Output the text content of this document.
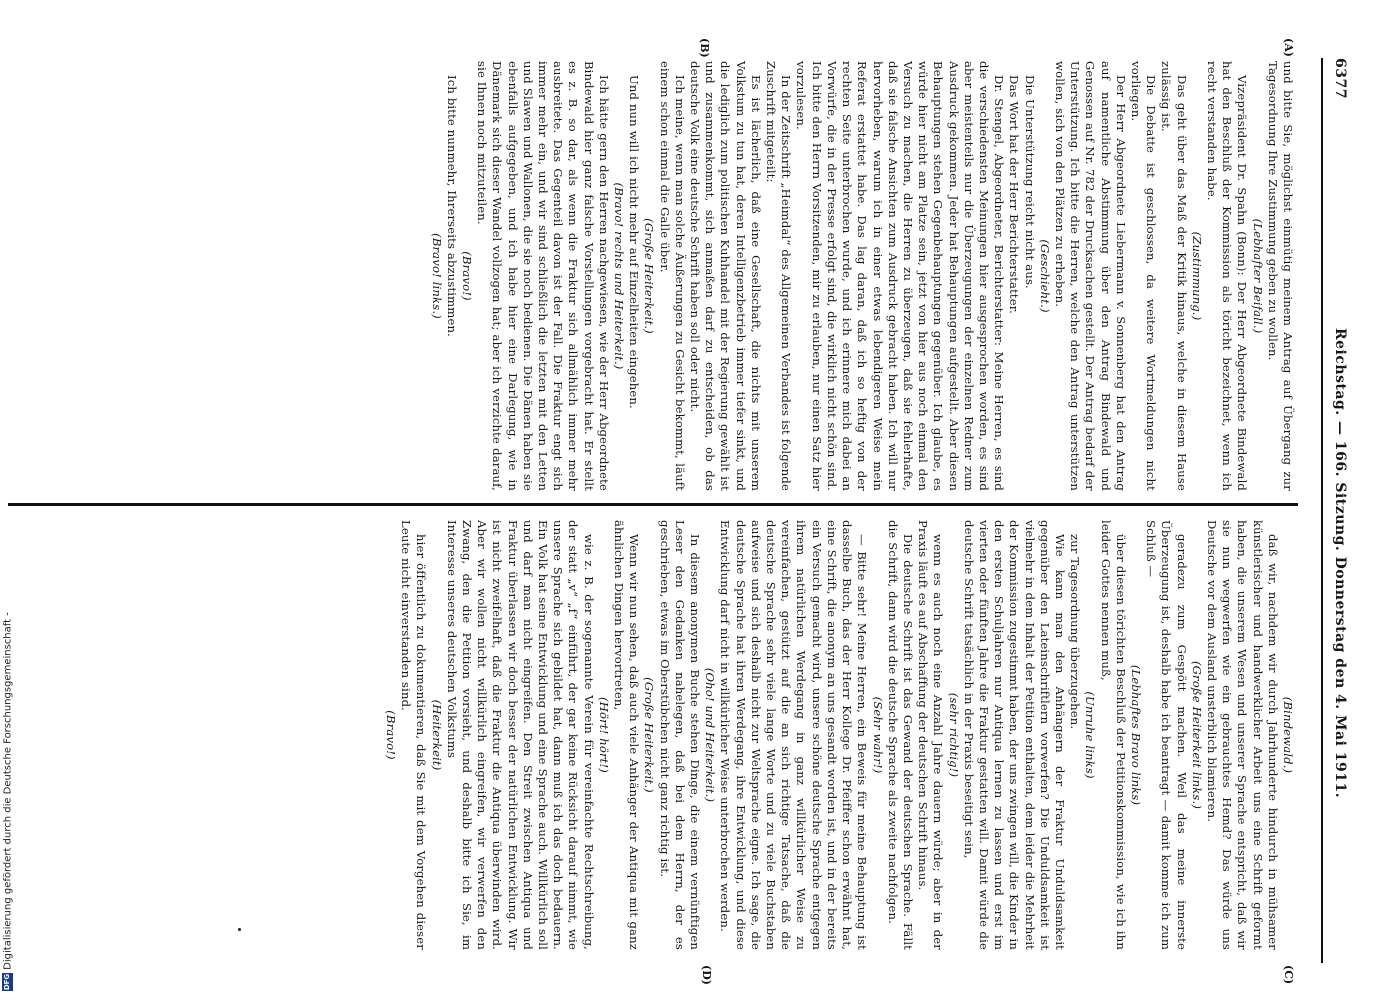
6377
Reichstag. — 166. Sitzung. Donnerstag den 4. Mai 1911.
(C)
(D)
(A)
(B)

(Bindewald.)

daß wir, nachdem wir durch Jahrhunderte hindurch in mühsamer künstlerischer und handwerklicher Arbeit uns eine Schrift geformt haben, die unserem Wesen und unserer Sprache entspricht, daß wir sie nun wegwerfen wie ein gebrauchtes Hemd? Das würde uns Deutsche vor dem Ausland unsterblich blamieren.

(Große Heiterkeit links.)

geradezu zum Gespött machen. Weil das meine innerste Überzeugung ist, deshalb habe ich beantragt — damit komme ich zum Schluß —

(Lebhaftes Bravo links)

über diesen törichten Beschluß der Petitionskommission, wie ich ihn leider Gottes nennen muß,

(Unruhe links)

zur Tagesordnung überzugehen.

Wie kann man den Anhängern der Fraktur Unduldsamkeit gegenüber den Lateinschriftlern vorwerfen? Die Unduldsamkeit ist vielmehr in dem Inhalt der Petition enthalten, dem leider die Mehrheit der Kommission zugestimmt haben, der uns zwingen will, die Kinder in den ersten Schuljahren nur Antiqua lernen zu lassen und erst im vierten oder fünften Jahre die Fraktur gestatten will. Damit würde die deutsche Schrift tatsächlich in der Praxis beseitigt sein,

(sehr richtig!)

wenn es auch noch eine Anzahl Jahre dauern würde; aber in der Praxis läuft es auf Abschaffung der deutschen Schrift hinaus.

Die deutsche Schrift ist das Gewand der deutschen Sprache. Fällt die Schrift, dann wird die deutsche Sprache als zweite nachfolgen.

(Sehr wahr!)

— Bitte sehr! Meine Herren, ein Beweis für meine Behauptung ist dasselbe Buch, das der Herr Kollege Dr. Pfeiffer schon erwähnt hat, eine Schrift, die anonym an uns gesandt worden ist, und in der bereits ein Versuch gemacht wird, unsere schöne deutsche Sprache entgegen ihrem natürlichen Werdegang in ganz willkürlicher Weise zu vereinfachen, gestützt auf die an sich richtige Tatsache, daß die deutsche Sprache sehr viele lange Worte und zu viele Buchstaben aufweise und sich deshalb nicht zur Weltsprache eigne. Ich sage, die deutsche Sprache hat ihren Werdegang, ihre Entwicklung, und diese Entwicklung darf nicht in willkürlicher Weise unterbrochen werden.

(Oho! und Heiterkeit.)

In diesem anonymen Buche stehen Dinge, die einem vernünftigen Leser den Gedanken nahelegen, daß bei dem Herrn, der es geschrieben, etwas im Oberstübchen nicht ganz richtig ist.

(Große Heiterkeit.)

Wenn wir nun sehen, daß auch viele Anhänger der Antiqua mit ganz ähnlichen Dingen hervortreten,

(Hört! hört!)

wie z. B. der sogenannte Verein für vereinfachte Rechtschreibung, der statt „v“ „f“ einführt, der gar keine Rücksicht darauf nimmt, wie unsere Sprache sich gebildet hat, dann muß ich das doch bedauern. Ein Volk hat seine Entwicklung und eine Sprache auch. Willkürlich soll und darf man nicht eingreifen. Den Streit zwischen Antiqua und Fraktur überlassen wir doch besser der natürlichen Entwicklung. Wir ist nicht zweifelhaft, daß die Fraktur die Antiqua überwinden wird. Aber wir wollen nicht willkürlich eingreifen, wir verwerfen den Zwang, den die Petition vorsieht, und deshalb bitte ich Sie, im Interesse unseres deutschen Volkstums

(Heiterkeit)

hier öffentlich zu dokumentieren, daß Sie mit dem Vorgehen dieser Leute nicht einverstanden sind.

(Bravo!)

und bitte Sie, möglichst einmütig meinem Antrag auf Übergang zur Tagesordnung Ihre Zustimmung geben zu wollen.

(Lebhafter Beifall.)

Vizepräsident Dr. Spahn (Bonn): Der Herr Abgeordnete Bindewald hat den Beschluß der Kommission als töricht bezeichnet, wenn ich recht verstanden habe.

(Zustimmung.)

Das geht über das Maß der Kritik hinaus, welche in diesem Hause zulässig ist.

Die Debatte ist geschlossen, da weitere Wortmeldungen nicht vorliegen.

Der Herr Abgeordnete Liebermann v. Sonnenberg hat den Antrag auf namentliche Abstimmung über den Antrag Bindewald und Genossen auf Nr. 782 der Drucksachen gestellt. Der Antrag bedarf der Unterstützung. Ich bitte die Herren, welche den Antrag unterstützen wollen, sich von den Plätzen zu erheben.

(Geschieht.)

Die Unterstützung reicht nicht aus.

Das Wort hat der Herr Berichterstatter.

Dr. Stengel, Abgeordneter, Berichterstatter: Meine Herren, es sind die verschiedensten Meinungen hier ausgesprochen worden, es sind aber meistenteils nur die Überzeugungen der einzelnen Redner zum Ausdruck gekommen. Jeder hat Behauptungen aufgestellt. Aber diesen Behauptungen stehen Gegenbehauptungen gegenüber. Ich glaube, es würde hier nicht am Platze sein, jetzt von hier aus noch einmal den Versuch zu machen, die Herren zu überzeugen, daß sie fehlerhafte, daß sie falsche Ansichten zum Ausdruck gebracht haben. Ich will nur hervorheben, warum ich in einer etwas lebendigeren Weise mein Referat erstattet habe. Das lag daran, daß ich so heftig von der rechten Seite unterbrochen wurde, und ich erinnere mich dabei an Vorwürfe, die in der Presse erfolgt sind, die wirklich nicht schön sind. Ich bitte den Herrn Vorsitzenden, mir zu erlauben, nur einen Satz hier vorzulesen.

In der Zeitschrift „Heimdal“ des Allgemeinen Verbandes ist folgende Zuschrift mitgeteilt:

Es ist lächerlich, daß eine Gesellschaft, die nichts mit unserem Volkstum zu tun hat, deren Intelligenzbetrieb immer tiefer sinkt, und die lediglich zum politischen Kuhhandel mit der Regierung gewählt ist und zusammenkommt, sich anmaßen darf zu entscheiden, ob das deutsche Volk eine deutsche Schrift haben soll oder nicht.

Ich meine, wenn man solche Äußerungen zu Gesicht bekommt, läuft einem schon einmal die Galle über.

(Große Heiterkeit.)

Und nun will ich nicht mehr auf Einzelheiten eingehen.

(Bravo! rechts und Heiterkeit.)

Ich hätte gern den Herren nachgewiesen, wie der Herr Abgeordnete Bindewald hier ganz falsche Vorstellungen vorgebracht hat. Er stellt es z. B. so dar, als wenn die Fraktur sich allmählich immer mehr ausbreitete. Das Gegenteil davon ist der Fall. Die Fraktur engt sich immer mehr ein, und wir sind schließlich die letzten mit den Letten und Slawen und Wallonen, die sie noch bedienen. Die Dänen haben sie ebenfalls aufgegeben, und ich habe hier eine Darlegung, wie in Dänemark sich dieser Wandel vollzogen hat; aber ich verzichte darauf, sie Ihnen noch mitzuteilen.

(Bravo!)

Ich bitte nunmehr, Ihrerseits abzustimmen.

(Bravo! links.)

DFG Digitalisierung gefördert durch die Deutsche Forschungsgemeinschaft -
